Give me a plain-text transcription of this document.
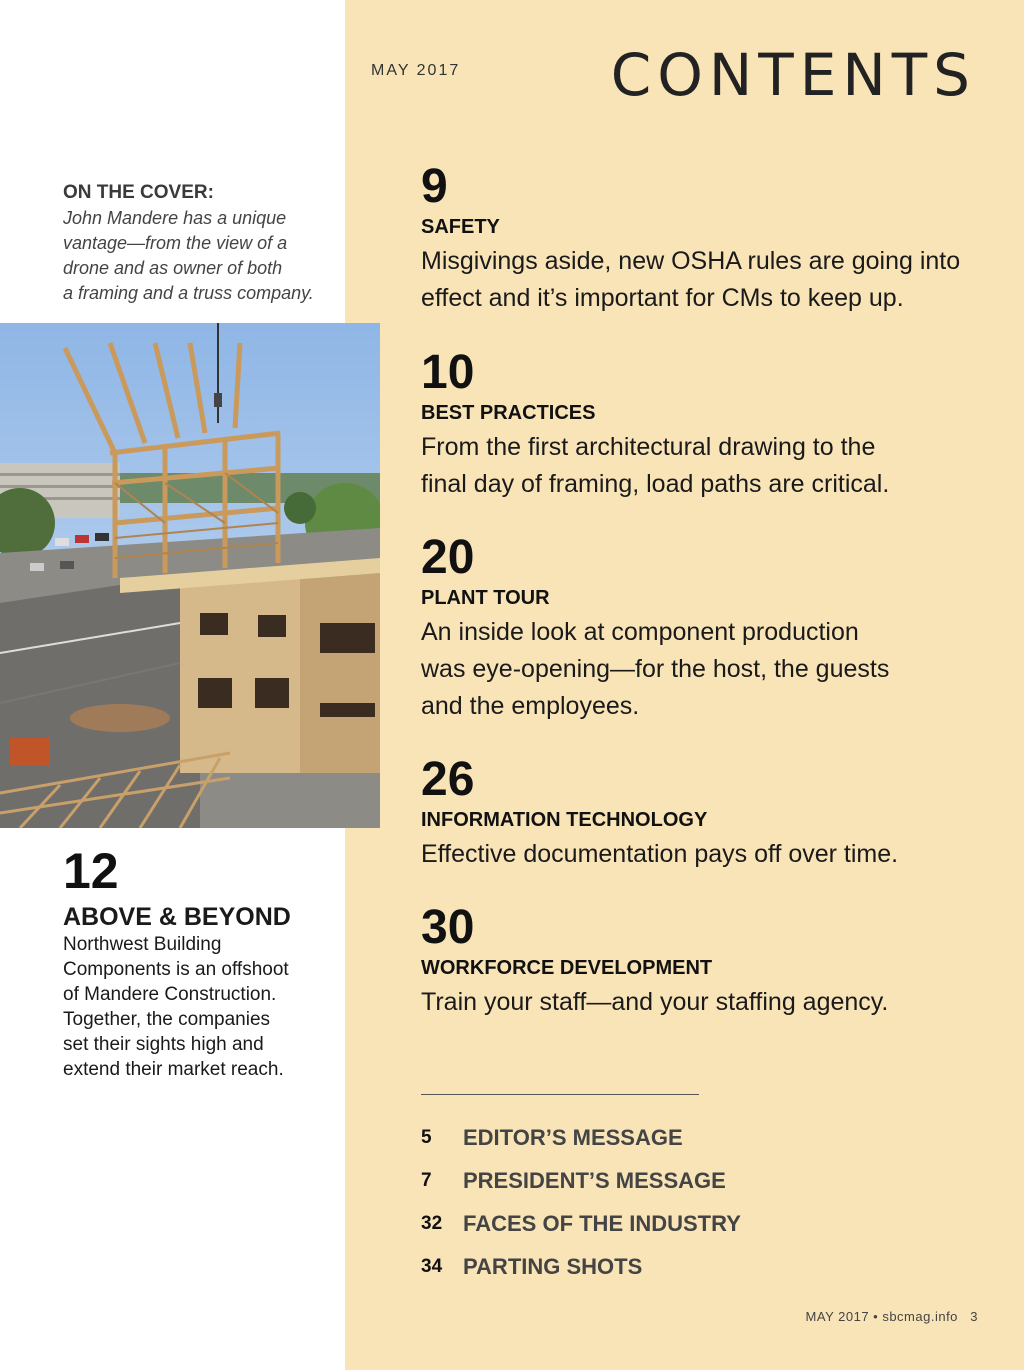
ON THE COVER:
John Mandere has a unique
vantage—from the view of a
drone and as owner of both
a framing and a truss company.
12
ABOVE & BEYOND
Northwest Building
Components is an offshoot
of Mandere Construction.
Together, the companies
set their sights high and
extend their market reach.
MAY 2017	CONTENTS
9
SAFETY
Misgivings aside, new OSHA rules are going into
effect and it’s important for CMs to keep up.
10
BEST PRACTICES
From the first architectural drawing to the
final day of framing, load paths are critical.
20
PLANT TOUR
An inside look at component production
was eye-opening—for the host, the guests
and the employees.
26
INFORMATION TECHNOLOGY
Effective documentation pays off over time.
30
WORKFORCE DEVELOPMENT
Train your staff—and your staffing agency.
5	EDITOR’S MESSAGE
7	PRESIDENT’S MESSAGE
32 FACES OF THE INDUSTRY
34 PARTING SHOTS
MAY 2017 • sbcmag.info 3
